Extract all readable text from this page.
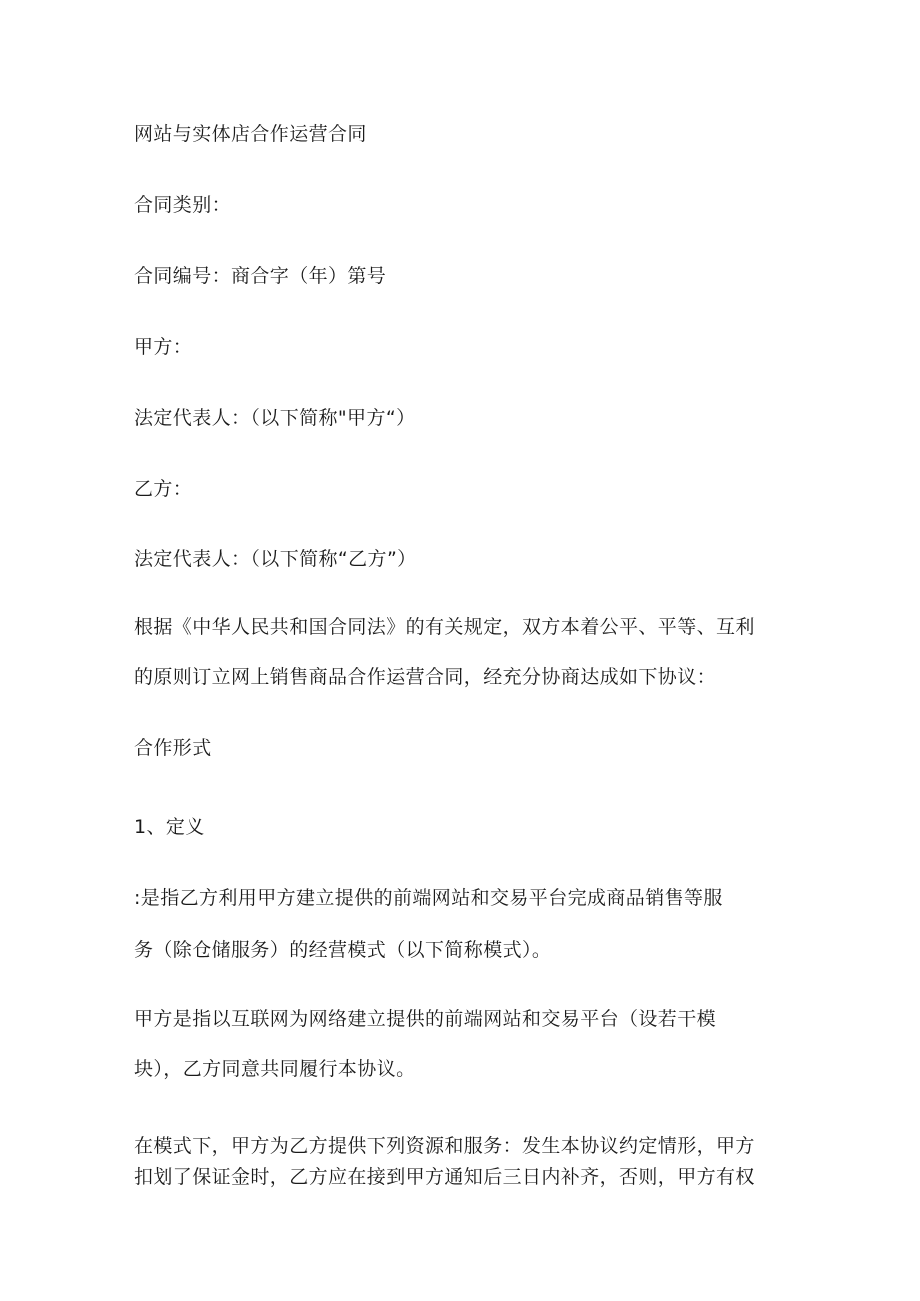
网站与实体店合作运营合同
合同类别：
合同编号：商合字（年）第号
甲方：
法定代表人：（以下简称"甲方“）
乙方：
法定代表人：（以下简称“乙方”）
根据《中华人民共和国合同法》的有关规定，双方本着公平、平等、互利
的原则订立网上销售商品合作运营合同，经充分协商达成如下协议：
合作形式
1、定义
:是指乙方利用甲方建立提供的前端网站和交易平台完成商品销售等服
务（除仓储服务）的经营模式（以下简称模式）。
甲方是指以互联网为网络建立提供的前端网站和交易平台（设若干模
块），乙方同意共同履行本协议。
在模式下，甲方为乙方提供下列资源和服务：发生本协议约定情形，甲方
扣划了保证金时，乙方应在接到甲方通知后三日内补齐，否则，甲方有权
